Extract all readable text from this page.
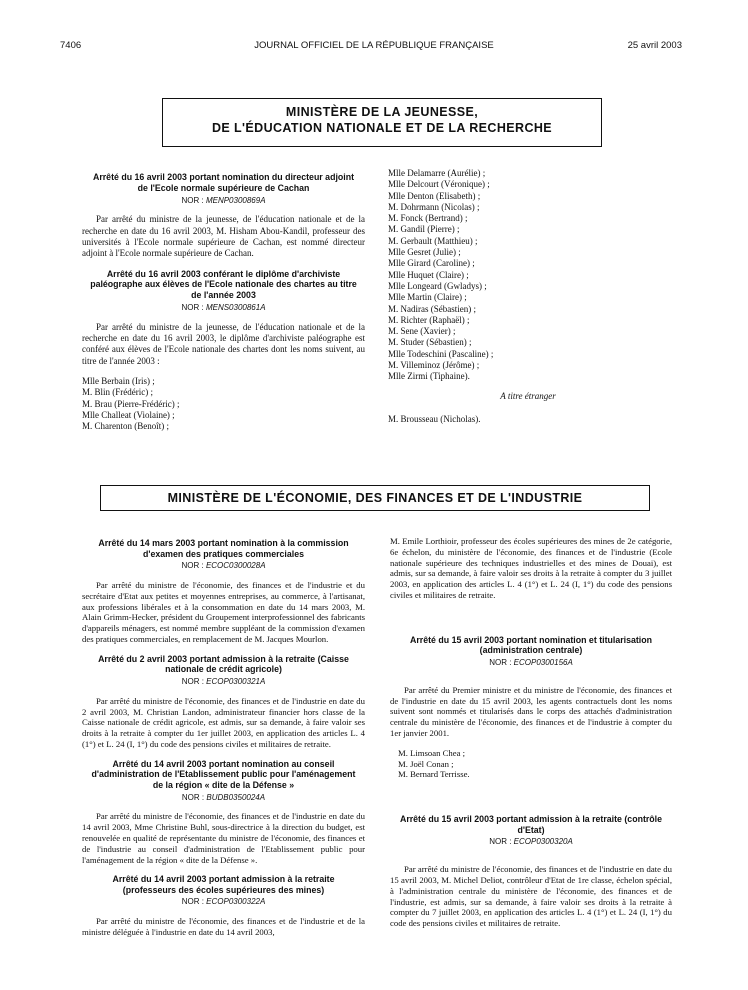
7406	JOURNAL OFFICIEL DE LA RÉPUBLIQUE FRANÇAISE	25 avril 2003
MINISTÈRE DE LA JEUNESSE,
DE L'ÉDUCATION NATIONALE ET DE LA RECHERCHE

Arrêté du 16 avril 2003 portant nomination du directeur adjoint de l'Ecole normale supérieure de Cachan

NOR : MENP0300869A

Par arrêté du ministre de la jeunesse, de l'éducation nationale et de la recherche en date du 16 avril 2003, M. Hisham Abou-Kandil, professeur des universités à l'Ecole normale supérieure de Cachan, est nommé directeur adjoint à l'Ecole normale supérieure de Cachan.

Arrêté du 16 avril 2003 conférant le diplôme d'archiviste paléographe aux élèves de l'Ecole nationale des chartes au titre de l'année 2003

NOR : MENS0300861A

Par arrêté du ministre de la jeunesse, de l'éducation nationale et de la recherche en date du 16 avril 2003, le diplôme d'archiviste paléographe est conféré aux élèves de l'Ecole nationale des chartes dont les noms suivent, au titre de l'année 2003 :

Mlle Berbain (Iris) ;
M. Blin (Frédéric) ;
M. Brau (Pierre-Frédéric) ;
Mlle Challeat (Violaine) ;
M. Charenton (Benoît) ;
Mlle Delamarre (Aurélie) ;
Mlle Delcourt (Véronique) ;
Mlle Denton (Elisabeth) ;
M. Dohrmann (Nicolas) ;
M. Fonck (Bertrand) ;
M. Gandil (Pierre) ;
M. Gerbault (Matthieu) ;
Mlle Gesret (Julie) ;
Mlle Girard (Caroline) ;
Mlle Huquet (Claire) ;
Mlle Longeard (Gwladys) ;
Mlle Martin (Claire) ;
M. Nadiras (Sébastien) ;
M. Richter (Raphaël) ;
M. Sene (Xavier) ;
M. Studer (Sébastien) ;
Mlle Todeschini (Pascaline) ;
M. Villeminoz (Jérôme) ;
Mlle Zirmi (Tiphaine).

A titre étranger

M. Brousseau (Nicholas).
MINISTÈRE DE L'ÉCONOMIE, DES FINANCES ET DE L'INDUSTRIE

Arrêté du 14 mars 2003 portant nomination à la commission d'examen des pratiques commerciales

NOR : ECOC0300028A

Par arrêté du ministre de l'économie, des finances et de l'industrie et du secrétaire d'Etat aux petites et moyennes entreprises, au commerce, à l'artisanat, aux professions libérales et à la consommation en date du 14 mars 2003, M. Alain Grimm-Hecker, président du Groupement interprofessionnel des fabricants d'appareils ménagers, est nommé membre suppléant de la commission d'examen des pratiques commerciales, en remplacement de M. Jacques Mourlon.

Arrêté du 2 avril 2003 portant admission à la retraite (Caisse nationale de crédit agricole)

NOR : ECOP0300321A

Par arrêté du ministre de l'économie, des finances et de l'industrie en date du 2 avril 2003, M. Christian Landon, administrateur financier hors classe de la Caisse nationale de crédit agricole, est admis, sur sa demande, à faire valoir ses droits à la retraite à compter du 1er juillet 2003, en application des articles L. 4 (1°) et L. 24 (I, 1°) du code des pensions civiles et militaires de retraite.

Arrêté du 14 avril 2003 portant nomination au conseil d'administration de l'Etablissement public pour l'aménagement de la région « dite de la Défense »

NOR : BUDB0350024A

Par arrêté du ministre de l'économie, des finances et de l'industrie en date du 14 avril 2003, Mme Christine Buhl, sous-directrice à la direction du budget, est renouvelée en qualité de représentante du ministre de l'économie, des finances et de l'industrie au conseil d'administration de l'Etablissement public pour l'aménagement de la région « dite de la Défense ».

Arrêté du 14 avril 2003 portant admission à la retraite (professeurs des écoles supérieures des mines)

NOR : ECOP0300322A

Par arrêté du ministre de l'économie, des finances et de l'industrie et de la ministre déléguée à l'industrie en date du 14 avril 2003,

M. Emile Lorthioir, professeur des écoles supérieures des mines de 2e catégorie, 6e échelon, du ministère de l'économie, des finances et de l'industrie (Ecole nationale supérieure des techniques industrielles et des mines de Douai), est admis, sur sa demande, à faire valoir ses droits à la retraite à compter du 3 juillet 2003, en application des articles L. 4 (1°) et L. 24 (I, 1°) du code des pensions civiles et militaires de retraite.

Arrêté du 15 avril 2003 portant nomination et titularisation (administration centrale)

NOR : ECOP0300156A

Par arrêté du Premier ministre et du ministre de l'économie, des finances et de l'industrie en date du 15 avril 2003, les agents contractuels dont les noms suivent sont nommés et titularisés dans le corps des attachés d'administration centrale du ministère de l'économie, des finances et de l'industrie à compter du 1er janvier 2001.

M. Limsoan Chea ;
M. Joël Conan ;
M. Bernard Terrisse.

Arrêté du 15 avril 2003 portant admission à la retraite (contrôle d'Etat)

NOR : ECOP0300320A

Par arrêté du ministre de l'économie, des finances et de l'industrie en date du 15 avril 2003, M. Michel Deliot, contrôleur d'Etat de 1re classe, échelon spécial, à l'administration centrale du ministère de l'économie, des finances et de l'industrie, est admis, sur sa demande, à faire valoir ses droits à la retraite à compter du 7 juillet 2003, en application des articles L. 4 (1°) et L. 24 (I, 1°) du code des pensions civiles et militaires de retraite.
